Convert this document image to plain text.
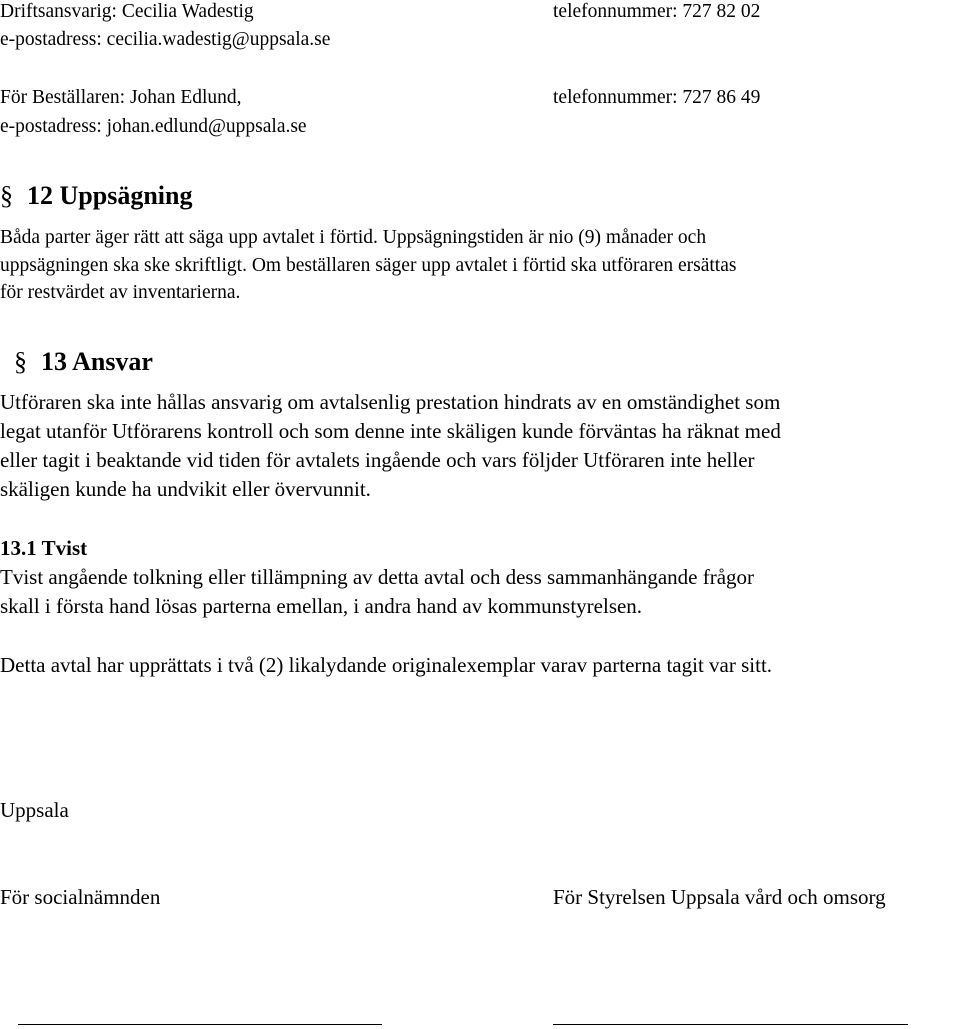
Driftsansvarig: Cecilia Wadestig	telefonnummer: 727 82 02
e-postadress: cecilia.wadestig@uppsala.se
För Beställaren: Johan Edlund,	telefonnummer: 727 86 49
e-postadress: johan.edlund@uppsala.se
§ 12 Uppsägning
Båda parter äger rätt att säga upp avtalet i förtid. Uppsägningstiden är nio (9) månader och
uppsägningen ska ske skriftligt. Om beställaren säger upp avtalet i förtid ska utföraren ersättas
för restvärdet av inventarierna.
§ 13 Ansvar
Utföraren ska inte hållas ansvarig om avtalsenlig prestation hindrats av en omständighet som
legat utanför Utförarens kontroll och som denne inte skäligen kunde förväntas ha räknat med
eller tagit i beaktande vid tiden för avtalets ingående och vars följder Utföraren inte heller
skäligen kunde ha undvikit eller övervunnit.
13.1 Tvist
Tvist angående tolkning eller tillämpning av detta avtal och dess sammanhängande frågor
skall i första hand lösas parterna emellan, i andra hand av kommunstyrelsen.
Detta avtal har upprättats i två (2) likalydande originalexemplar varav parterna tagit var sitt.
Uppsala
För socialnämnden	För Styrelsen Uppsala vård och omsorg
